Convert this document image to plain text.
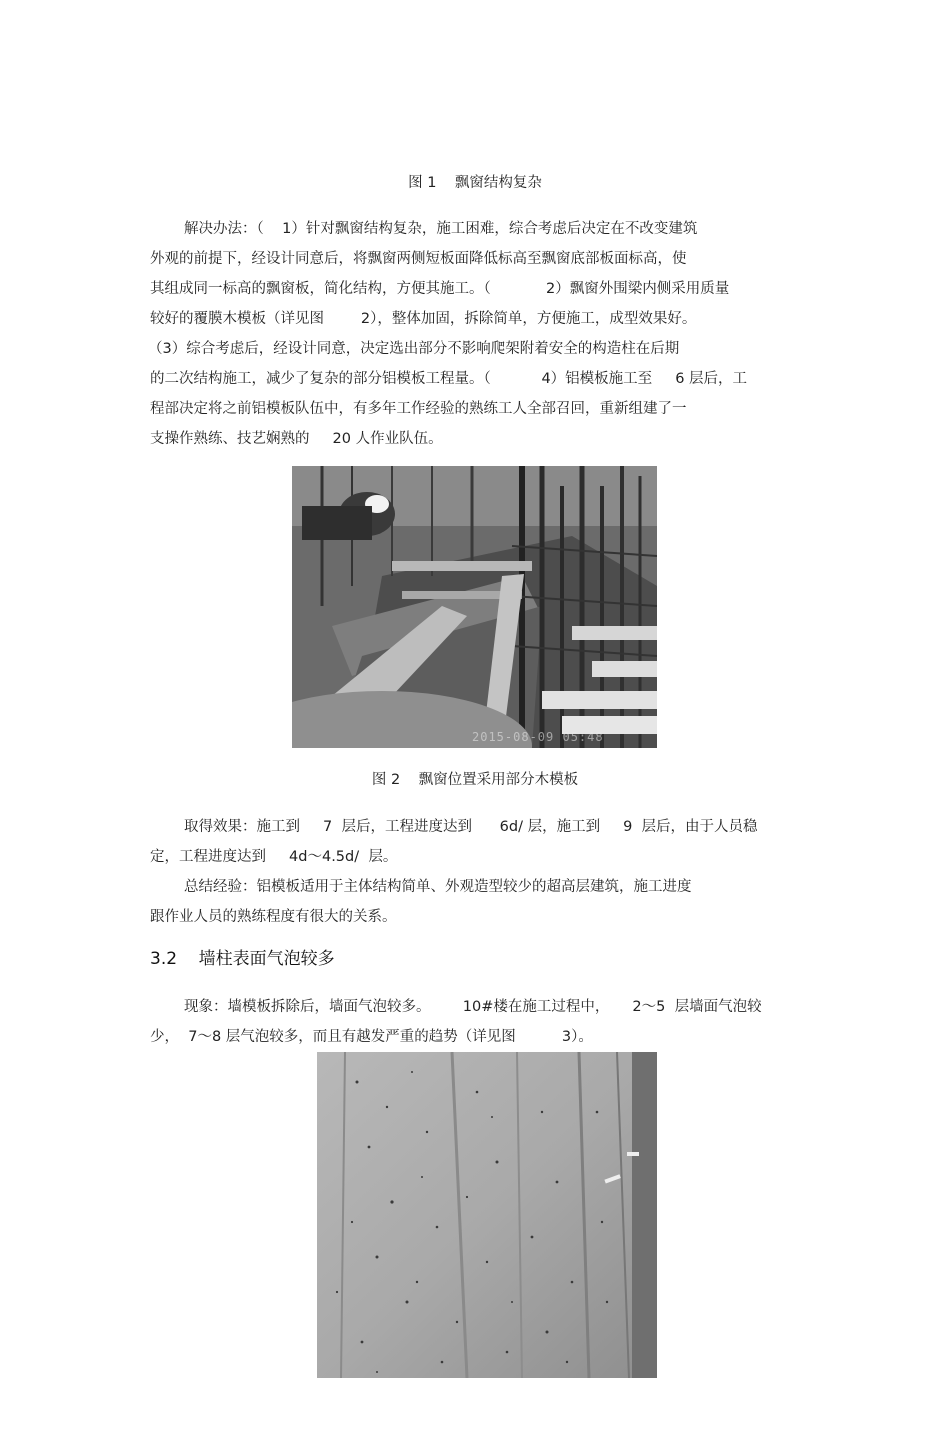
图 1    飘窗结构复杂
解决办法：（    1）针对飘窗结构复杂，施工困难，综合考虑后决定在不改变建筑
外观的前提下，经设计同意后，将飘窗两侧短板面降低标高至飘窗底部板面标高，使
其组成同一标高的飘窗板，简化结构，方便其施工。（            2）飘窗外围梁内侧采用质量
较好的覆膜木模板（详见图        2），整体加固，拆除简单，方便施工，成型效果好。
（3）综合考虑后，经设计同意，决定选出部分不影响爬架附着安全的构造柱在后期
的二次结构施工，减少了复杂的部分铝模板工程量。（           4）铝模板施工至     6 层后，工
程部决定将之前铝模板队伍中，有多年工作经验的熟练工人全部召回，重新组建了一
支操作熟练、技艺娴熟的     20 人作业队伍。
2015-08-09 05:48
图 2    飘窗位置采用部分木模板
取得效果：施工到     7  层后，工程进度达到      6d/ 层，施工到     9  层后，由于人员稳
定，工程进度达到     4d～4.5d/  层。
总结经验：铝模板适用于主体结构简单、外观造型较少的超高层建筑，施工进度
跟作业人员的熟练程度有很大的关系。
3.2    墙柱表面气泡较多
现象：墙模板拆除后，墙面气泡较多。       10#楼在施工过程中，     2～5  层墙面气泡较
少，  7～8 层气泡较多，而且有越发严重的趋势（详见图          3）。
